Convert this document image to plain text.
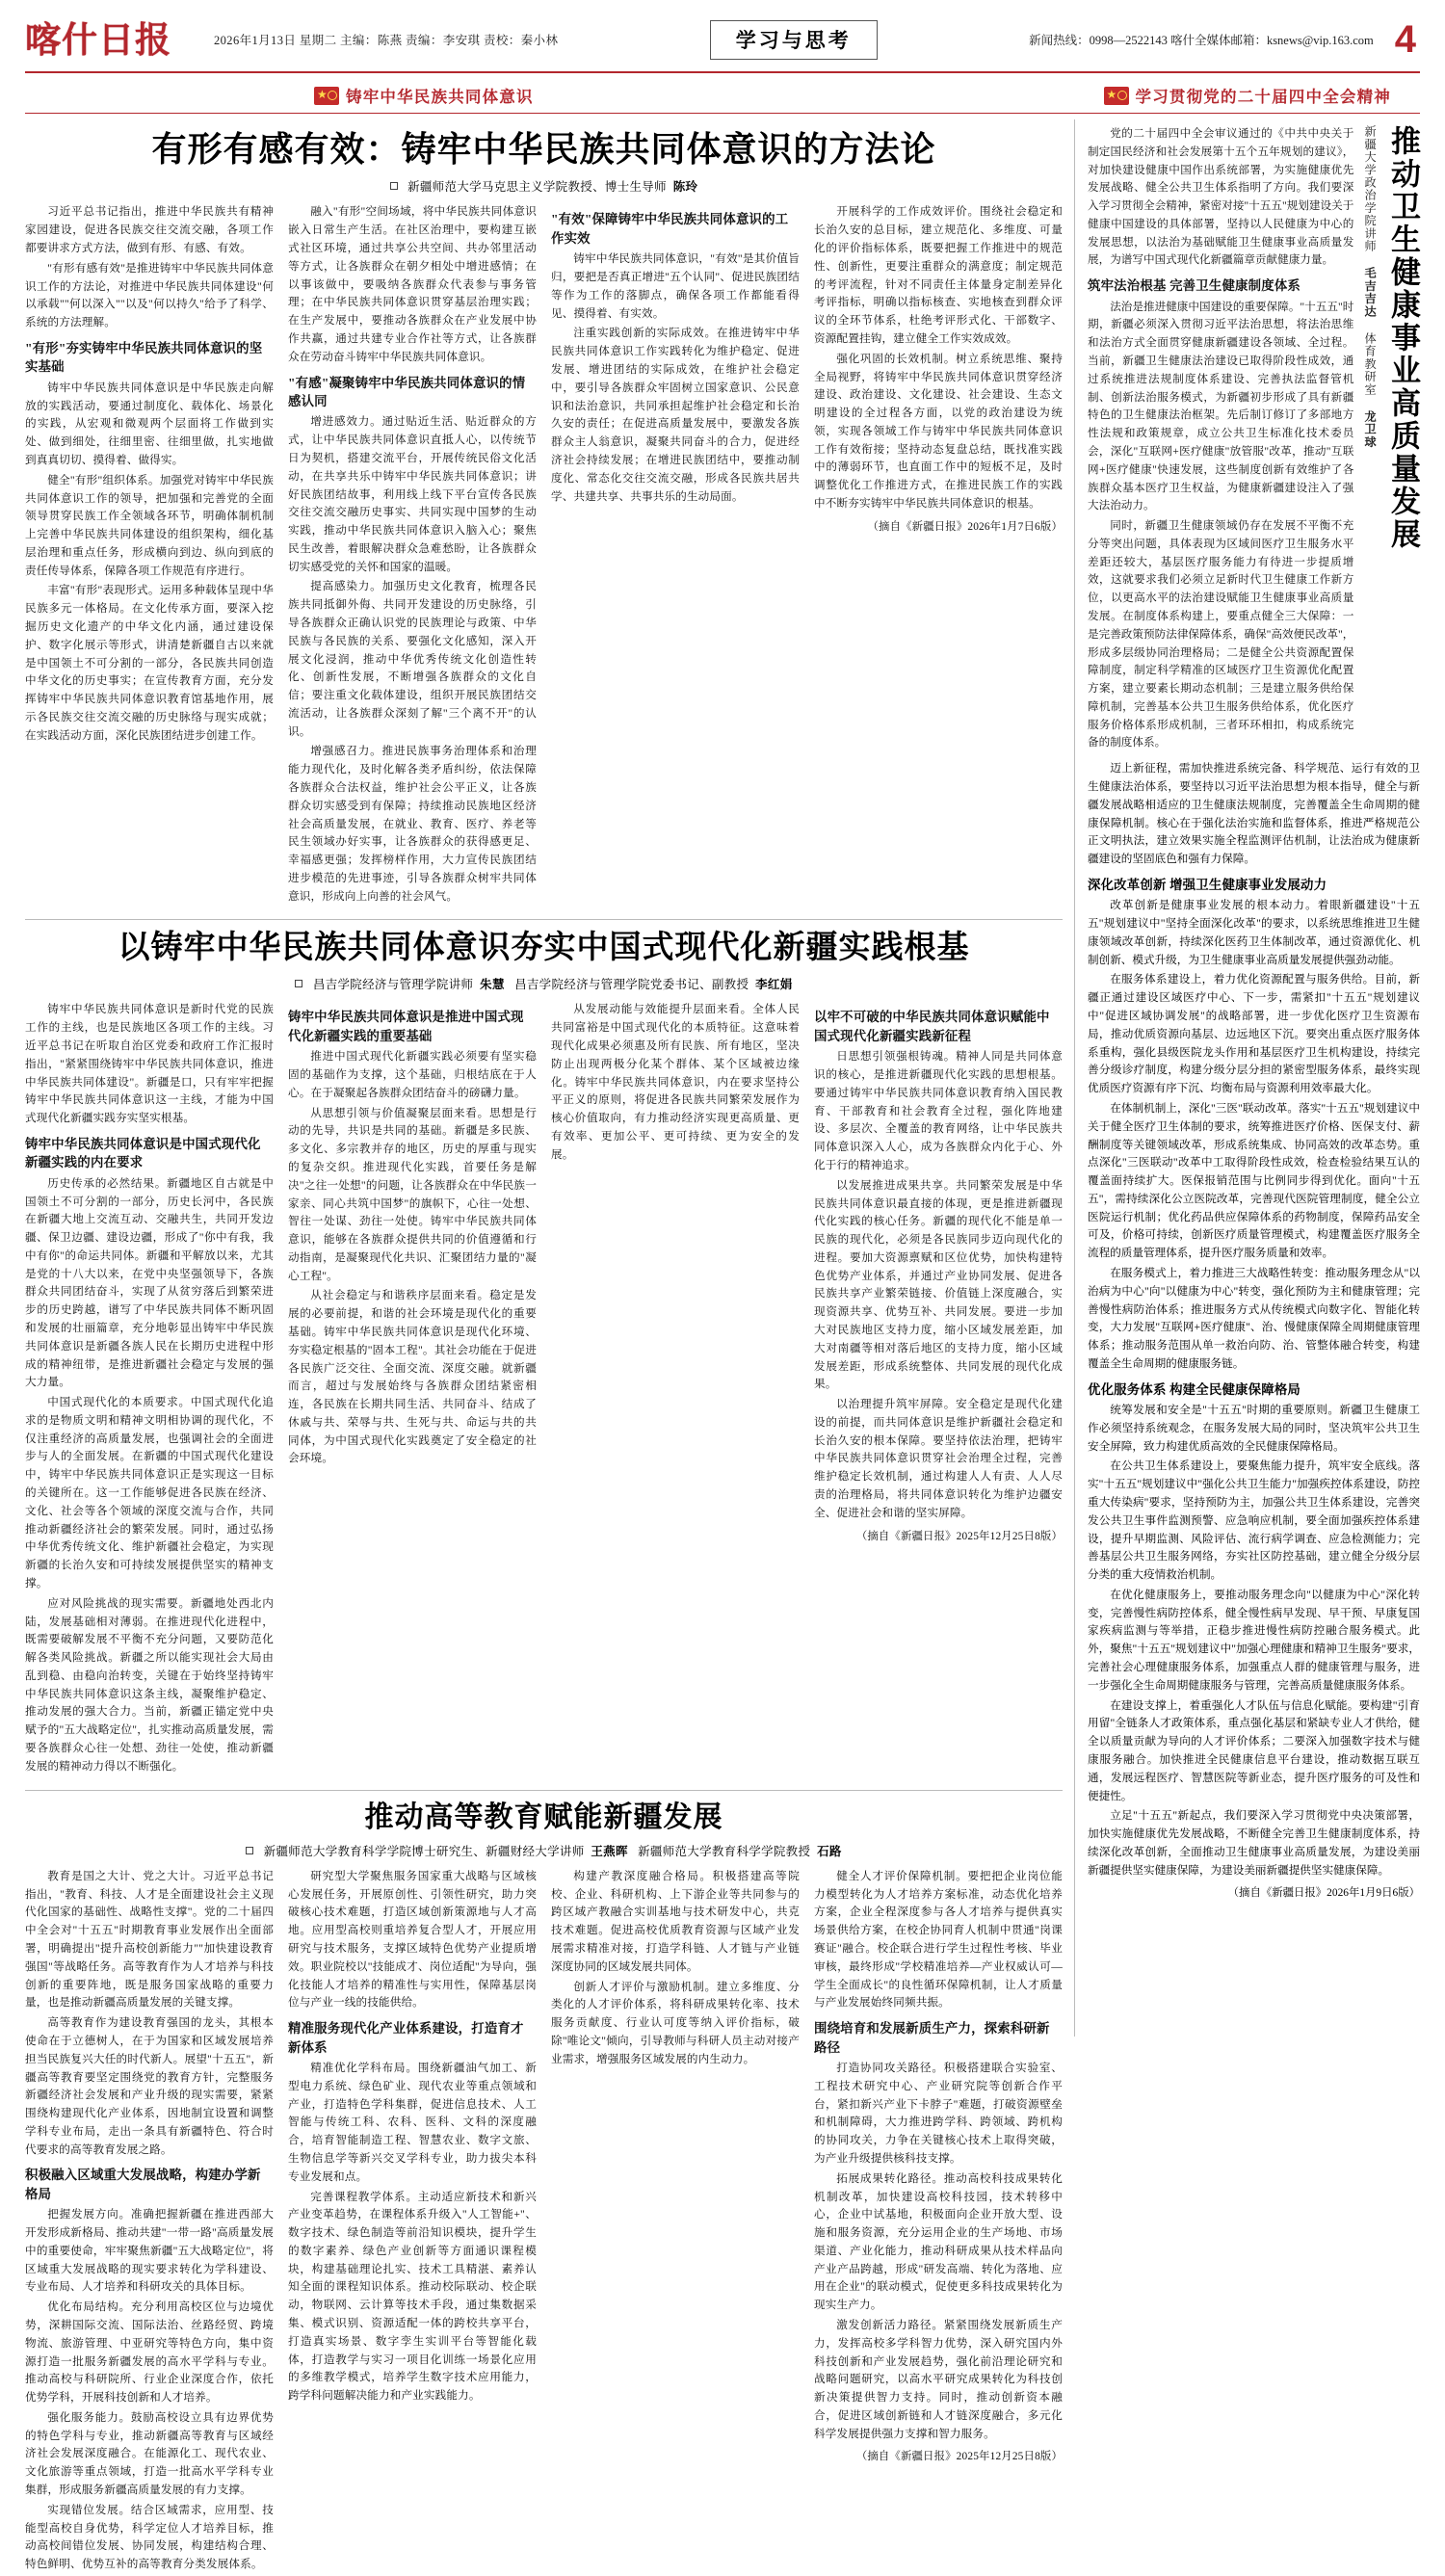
喀什日报	2026年1月13日 星期二 主编：陈燕 责编：李安琪 责校：秦小林	学习与思考	新闻热线：0998—2522143 喀什全媒体邮箱：ksnews@vip.163.com 4
★
铸牢中华民族共同体意识 ★	学习贯彻党的二十届四中全会精神
有形有感有效：铸牢中华民族共同体意识的方法论
新疆师范大学马克思主义学院教授、博士生导师 陈玲

习近平总书记指出，推进中华民族共有精神家园建设，促进各民族交往交流交融，各项工作都要讲求方式方法，做到有形、有感、有效。

"有形有感有效"是推进铸牢中华民族共同体意识工作的方法论，对推进中华民族共同体建设"何以承载""何以深入""以及"何以持久"给予了科学、系统的方法理解。

"有形"夯实铸牢中华民族共同体意识的坚实基础

铸牢中华民族共同体意识是中华民族走向解放的实践活动，要通过制度化、载体化、场景化的实践，从宏观和微观两个层面将工作做到实处、做到细处，往细里密、往细里做，扎实地做到真真切切、摸得着、做得实。

健全"有形"组织体系。加强党对铸牢中华民族共同体意识工作的领导，把加强和完善党的全面领导贯穿民族工作全领域各环节，明确体制机制上完善中华民族共同体建设的组织架构，细化基层治理和重点任务，形成横向到边、纵向到底的责任传导体系，保障各项工作规范有序进行。

丰富"有形"表现形式。运用多种载体呈现中华民族多元一体格局。在文化传承方面，要深入挖掘历史文化遗产的中华文化内涵，通过建设保护、数字化展示等形式，讲清楚新疆自古以来就是中国领土不可分割的一部分，各民族共同创造中华文化的历史事实；在宣传教育方面，充分发挥铸牢中华民族共同体意识教育馆基地作用，展示各民族交往交流交融的历史脉络与现实成就；在实践活动方面，深化民族团结进步创建工作。

融入"有形"空间场域，将中华民族共同体意识嵌入日常生产生活。在社区治理中，要构建互嵌式社区环境，通过共享公共空间、共办邻里活动等方式，让各族群众在朝夕相处中增进感情；在以事该做中，要吸纳各族群众代表参与事务管理；在中华民族共同体意识贯穿基层治理实践；在生产发展中，要推动各族群众在产业发展中协作共赢，通过共建专业合作社等方式，让各族群众在劳动奋斗铸牢中华民族共同体意识。

"有感"凝聚铸牢中华民族共同体意识的情感认同

增进感效力。通过贴近生活、贴近群众的方式，让中华民族共同体意识直抵人心，以传统节日为契机，搭建交流平台，开展传统民俗文化活动，在共享共乐中铸牢中华民族共同体意识；讲好民族团结故事，利用线上线下平台宣传各民族交往交流交融历史事实、共同实现中国梦的生动实践，推动中华民族共同体意识入脑入心；聚焦民生改善，着眼解决群众急难愁盼，让各族群众切实感受党的关怀和国家的温暖。

提高感染力。加强历史文化教育，梳理各民族共同抵御外侮、共同开发建设的历史脉络，引导各族群众正确认识党的民族理论与政策、中华民族与各民族的关系、要强化文化感知，深入开展文化浸润，推动中华优秀传统文化创造性转化、创新性发展，不断增强各族群众的文化自信；要注重文化载体建设，组织开展民族团结交流活动，让各族群众深刻了解"三个离不开"的认识。

增强感召力。推进民族事务治理体系和治理能力现代化，及时化解各类矛盾纠纷，依法保障各族群众合法权益，维护社会公平正义，让各族群众切实感受到有保障；持续推动民族地区经济社会高质量发展，在就业、教育、医疗、养老等民生领域办好实事，让各族群众的获得感更足、幸福感更强；发挥榜样作用，大力宣传民族团结进步模范的先进事迹，引导各族群众树牢共同体意识，形成向上向善的社会风气。

"有效"保障铸牢中华民族共同体意识的工作实效

铸牢中华民族共同体意识，"有效"是其价值旨归，要把是否真正增进"五个认同"、促进民族团结等作为工作的落脚点，确保各项工作都能看得见、摸得着、有实效。

注重实践创新的实际成效。在推进铸牢中华民族共同体意识工作实践转化为维护稳定、促进发展、增进团结的实际成效，在维护社会稳定中，要引导各族群众牢固树立国家意识、公民意识和法治意识，共同承担起维护社会稳定和长治久安的责任；在促进高质量发展中，要激发各族群众主人翁意识，凝聚共同奋斗的合力，促进经济社会持续发展；在增进民族团结中，要推动制度化、常态化交往交流交融，形成各民族共居共学、共建共享、共事共乐的生动局面。

开展科学的工作成效评价。围绕社会稳定和长治久安的总目标，建立规范化、多维度、可量化的评价指标体系，既要把握工作推进中的规范性、创新性，更要注重群众的满意度；制定规范的考评流程，针对不同责任主体量身定制差异化考评指标，明确以指标核查、实地核查到群众评议的全环节体系，杜绝考评形式化、干部数字、资源配置挂钩，建立健全工作实效成效。

强化巩固的长效机制。树立系统思维、聚持全局视野，将铸牢中华民族共同体意识贯穿经济建设、政治建设、文化建设、社会建设、生态文明建设的全过程各方面，以党的政治建设为统领，实现各领域工作与铸牢中华民族共同体意识工作有效衔接；坚持动态复盘总结，既找准实践中的薄弱环节，也直面工作中的短板不足，及时调整优化工作推进方式，在推进民族工作的实践中不断夯实铸牢中华民族共同体意识的根基。

（摘自《新疆日报》2026年1月7日6版）
以铸牢中华民族共同体意识夯实中国式现代化新疆实践根基
昌吉学院经济与管理学院讲师 朱慧 昌吉学院经济与管理学院党委书记、副教授 李红娟

铸牢中华民族共同体意识是新时代党的民族工作的主线，也是民族地区各项工作的主线。习近平总书记在听取自治区党委和政府工作汇报时指出，"紧紧围绕铸牢中华民族共同体意识，推进中华民族共同体建设"。新疆是口，只有牢牢把握铸牢中华民族共同体意识这一主线，才能为中国式现代化新疆实践夯实坚实根基。

铸牢中华民族共同体意识是中国式现代化新疆实践的内在要求

历史传承的必然结果。新疆地区自古就是中国领土不可分割的一部分，历史长河中，各民族在新疆大地上交流互动、交融共生，共同开发边疆、保卫边疆、建设边疆，形成了"你中有我，我中有你"的命运共同体。新疆和平解放以来，尤其是党的十八大以来，在党中央坚强领导下，各族群众共同团结奋斗，实现了从贫穷落后到繁荣进步的历史跨越，谱写了中华民族共同体不断巩固和发展的壮丽篇章，充分地彰显出铸牢中华民族共同体意识是新疆各族人民在长期历史进程中形成的精神纽带，是推进新疆社会稳定与发展的强大力量。

中国式现代化的本质要求。中国式现代化追求的是物质文明和精神文明相协调的现代化，不仅注重经济的高质量发展，也强调社会的全面进步与人的全面发展。在新疆的中国式现代化建设中，铸牢中华民族共同体意识正是实现这一目标的关键所在。这一工作能够促进各民族在经济、文化、社会等各个领域的深度交流与合作，共同推动新疆经济社会的繁荣发展。同时，通过弘扬中华优秀传统文化、维护新疆社会稳定，为实现新疆的长治久安和可持续发展提供坚实的精神支撑。

应对风险挑战的现实需要。新疆地处西北内陆，发展基础相对薄弱。在推进现代化进程中，既需要破解发展不平衡不充分问题，又要防范化解各类风险挑战。新疆之所以能实现社会大局由乱到稳、由稳向治转变，关键在于始终坚持铸牢中华民族共同体意识这条主线，凝聚维护稳定、推动发展的强大合力。当前，新疆正锚定党中央赋予的"五大战略定位"，扎实推动高质量发展，需要各族群众心往一处想、劲往一处使，推动新疆发展的精神动力得以不断强化。

铸牢中华民族共同体意识是推进中国式现代化新疆实践的重要基础

推进中国式现代化新疆实践必须要有坚实稳固的基础作为支撑，这个基础，归根结底在于人心。在于凝聚起各族群众团结奋斗的磅礴力量。

从思想引领与价值凝聚层面来看。思想是行动的先导，共识是共同的基础。新疆是多民族、多文化、多宗教并存的地区，历史的厚重与现实的复杂交织。推进现代化实践，首要任务是解决"之往一处想"的问题，让各族群众在中华民族一家亲、同心共筑中国梦"的旗帜下，心往一处想、智往一处谋、劲往一处使。铸牢中华民族共同体意识，能够在各族群众提供共同的价值遵循和行动指南，是凝聚现代化共识、汇聚团结力量的"凝心工程"。

从社会稳定与和谐秩序层面来看。稳定是发展的必要前提，和谐的社会环境是现代化的重要基础。铸牢中华民族共同体意识是现代化环境、夯实稳定根基的"固本工程"。其社会功能在于促进各民族广泛交往、全面交流、深度交融。就新疆而言，超过与发展始终与各族群众团结紧密相连，各民族在长期共同生活、共同奋斗、结成了休戚与共、荣辱与共、生死与共、命运与共的共同体，为中国式现代化实践奠定了安全稳定的社会环境。

从发展动能与效能提升层面来看。全体人民共同富裕是中国式现代化的本质特征。这意味着现代化成果必须惠及所有民族、所有地区，坚决防止出现两极分化某个群体、某个区域被边缘化。铸牢中华民族共同体意识，内在要求坚持公平正义的原则，将促进各民族共同繁荣发展作为核心价值取向，有力推动经济实现更高质量、更有效率、更加公平、更可持续、更为安全的发展。

以牢不可破的中华民族共同体意识赋能中国式现代化新疆实践新征程

日思想引领强根铸魂。精神人同是共同体意识的核心，是推进新疆现代化实践的思想根基。要通过铸牢中华民族共同体意识教育纳入国民教育、干部教育和社会教育全过程，强化阵地建设、多层次、全覆盖的教育网络，让中华民族共同体意识深入人心，成为各族群众内化于心、外化于行的精神追求。

以发展推进成果共享。共同繁荣发展是中华民族共同体意识最直接的体现，更是推进新疆现代化实践的核心任务。新疆的现代化不能是单一民族的现代化，必须是各民族同步迈向现代化的进程。要加大资源禀赋和区位优势，加快构建特色优势产业体系，并通过产业协同发展、促进各民族共享产业繁荣链接、价值链上深度融合，实现资源共享、优势互补、共同发展。要进一步加大对民族地区支持力度，缩小区域发展差距，加大对南疆等相对落后地区的支持力度，缩小区域发展差距，形成系统整体、共同发展的现代化成果。

以治理提升筑牢屏障。安全稳定是现代化建设的前提，而共同体意识是维护新疆社会稳定和长治久安的根本保障。要坚持依法治理，把铸牢中华民族共同体意识贯穿社会治理全过程，完善维护稳定长效机制，通过构建人人有责、人人尽责的治理格局，将共同体意识转化为维护边疆安全、促进社会和谐的坚实屏障。

（摘自《新疆日报》2025年12月25日8版）
推动高等教育赋能新疆发展
新疆师范大学教育科学学院博士研究生、新疆财经大学讲师 王燕晖 新疆师范大学教育科学学院教授 石路

教育是国之大计、党之大计。习近平总书记指出，"教育、科技、人才是全面建设社会主义现代化国家的基础性、战略性支撑"。党的二十届四中全会对"十五五"时期教育事业发展作出全面部署，明确提出"提升高校创新能力""加快建设教育强国"等战略任务。高等教育作为人才培养与科技创新的重要阵地，既是服务国家战略的重要力量，也是推动新疆高质量发展的关键支撑。

高等教育作为建设教育强国的龙头，其根本使命在于立德树人，在于为国家和区域发展培养担当民族复兴大任的时代新人。展望"十五五"，新疆高等教育要坚定围绕党的教育方针，完整服务新疆经济社会发展和产业升级的现实需要，紧紧围绕构建现代化产业体系，因地制宜设置和调整学科专业布局，走出一条具有新疆特色、符合时代要求的高等教育发展之路。

积极融入区域重大发展战略，构建办学新格局

把握发展方向。准确把握新疆在推进西部大开发形成新格局、推动共建"一带一路"高质量发展中的重要使命，牢牢聚焦新疆"五大战略定位"，将区域重大发展战略的现实要求转化为学科建设、专业布局、人才培养和科研攻关的具体目标。

优化布局结构。充分利用高校区位与边境优势，深耕国际交流、国际法治、丝路经贸、跨境物流、旅游管理、中亚研究等特色方向，集中资源打造一批服务新疆发展的高水平学科与专业。推动高校与科研院所、行业企业深度合作，依托优势学科，开展科技创新和人才培养。

强化服务能力。鼓励高校设立具有边界优势的特色学科与专业，推动新疆高等教育与区域经济社会发展深度融合。在能源化工、现代农业、文化旅游等重点领域，打造一批高水平学科专业集群，形成服务新疆高质量发展的有力支撑。

实现错位发展。结合区域需求，应用型、技能型高校自身优势，科学定位人才培养目标，推动高校间错位发展、协同发展，构建结构合理、特色鲜明、优势互补的高等教育分类发展体系。

研究型大学聚焦服务国家重大战略与区域核心发展任务，开展原创性、引领性研究，助力突破核心技术难题，打造区域创新策源地与人才高地。应用型高校则重培养复合型人才，开展应用研究与技术服务，支撑区域特色优势产业提质增效。职业院校以"技能成才、岗位适配"为导向，强化技能人才培养的精准性与实用性，保障基层岗位与产业一线的技能供给。

精准服务现代化产业体系建设，打造育才新体系

精准优化学科布局。围绕新疆油气加工、新型电力系统、绿色矿业、现代农业等重点领域和产业，打造特色学科集群，促进信息技术、人工智能与传统工科、农科、医科、文科的深度融合，培育智能制造工程、智慧农业、数字文旅、生物信息学等新兴交叉学科专业，助力拔尖本科专业发展和点。

完善课程教学体系。主动适应新技术和新兴产业变革趋势，在课程体系升级入"人工智能+"、数字技术、绿色制造等前沿知识模块，提升学生的数字素养、绿色产业创新等方面通识课程模块，构建基础理论扎实、技术工具精湛、素养认知全面的课程知识体系。推动校际联动、校企联动，物联网、云计算等技术手段，通过集数据采集、模式识别、资源适配一体的跨校共享平台，打造真实场景、数字孪生实训平台等智能化载体，打造教学与实习一项目化训练一场景化应用的多维教学模式，培养学生数字技术应用能力，跨学科问题解决能力和产业实践能力。

构建产教深度融合格局。积极搭建高等院校、企业、科研机构、上下游企业等共同参与的跨区域产教融合实训基地与技术研发中心，共克技术难题。促进高校优质教育资源与区域产业发展需求精准对接，打造学科链、人才链与产业链深度协同的区域发展共同体。

创新人才评价与激励机制。建立多维度、分类化的人才评价体系，将科研成果转化率、技术服务贡献度、行业认可度等纳入评价指标，破除"唯论文"倾向，引导教师与科研人员主动对接产业需求，增强服务区域发展的内生动力。

健全人才评价保障机制。要把把企业岗位能力模型转化为人才培养方案标准，动态优化培养方案，企业全程深度参与各人才培养与提供真实场景供给方案，在校企协同育人机制中贯通"岗课赛证"融合。校企联合进行学生过程性考核、毕业审核，最终形成"学校精准培养—产业权威认可—学生全面成长"的良性循环保障机制，让人才质量与产业发展始终同频共振。

围绕培育和发展新质生产力，探索科研新路径

打造协同攻关路径。积极搭建联合实验室、工程技术研究中心、产业研究院等创新合作平台，紧扣新兴产业下卡脖子"难题，打破资源壁垒和机制障碍，大力推进跨学科、跨领域、跨机构的协同攻关，力争在关键核心技术上取得突破，为产业升级提供核科技支撑。

拓展成果转化路径。推动高校科技成果转化机制改革，加快建设高校科技园，技术转移中心，企业中试基地，积极面向企业开放大型、设施和服务资源，充分运用企业的生产场地、市场渠道、产业化能力，推动科研成果从技术样品向产业产品跨越，形成"研发高端、转化为落地、应用在企业"的联动模式，促使更多科技成果转化为现实生产力。

激发创新活力路径。紧紧围绕发展新质生产力，发挥高校多学科智力优势，深入研究国内外科技创新和产业发展趋势，强化前沿理论研究和战略问题研究，以高水平研究成果转化为科技创新决策提供智力支持。同时，推动创新资本融合，促进区域创新链和人才链深度融合，多元化科学发展提供强力支撑和智力服务。

（摘自《新疆日报》2025年12月25日8版）
推动卫生健康事业高质量发展
新疆大学政治学院讲师 毛吉吉达 体育教研室 龙卫球

党的二十届四中全会审议通过的《中共中央关于制定国民经济和社会发展第十五个五年规划的建议》，对加快建设健康中国作出系统部署，为实施健康优先发展战略、健全公共卫生体系指明了方向。我们要深入学习贯彻全会精神，紧密对接"十五五"规划建设关于健康中国建设的具体部署，坚持以人民健康为中心的发展思想，以法治为基础赋能卫生健康事业高质量发展，为谱写中国式现代化新疆篇章贡献健康力量。

筑牢法治根基 完善卫生健康制度体系

法治是推进健康中国建设的重要保障。"十五五"时期，新疆必须深入贯彻习近平法治思想，将法治思维和法治方式全面贯穿健康新疆建设各领域、全过程。当前，新疆卫生健康法治建设已取得阶段性成效，通过系统推进法规制度体系建设、完善执法监督管机制、创新法治服务模式，为新疆初步形成了具有新疆特色的卫生健康法治框架。先后制订修订了多部地方性法规和政策规章，成立公共卫生标准化技术委员会，深化"互联网+医疗健康"放管服"改革，推动"互联网+医疗健康"快速发展，这些制度创新有效维护了各族群众基本医疗卫生权益，为健康新疆建设注入了强大法治动力。

同时，新疆卫生健康领域仍存在发展不平衡不充分等突出问题，具体表现为区域间医疗卫生服务水平差距还较大，基层医疗服务能力有待进一步提质增效，这就要求我们必须立足新时代卫生健康工作新方位，以更高水平的法治建设赋能卫生健康事业高质量发展。在制度体系构建上，要重点健全三大保障：一是完善政策预防法律保障体系，确保"高效便民改革"，形成多层级协同治理格局；二是健全公共资源配置保障制度，制定科学精准的区域医疗卫生资源优化配置方案，建立要素长期动态机制；三是建立服务供给保障机制，完善基本公共卫生服务供给体系，优化医疗服务价格体系形成机制，三者环环相扣，构成系统完备的制度体系。

迈上新征程，需加快推进系统完备、科学规范、运行有效的卫生健康法治体系，要坚持以习近平法治思想为根本指导，健全与新疆发展战略相适应的卫生健康法规制度，完善覆盖全生命周期的健康保障机制。核心在于强化法治实施和监督体系，推进严格规范公正文明执法，建立效果实施全程监测评估机制，让法治成为健康新疆建设的坚固底色和强有力保障。

深化改革创新 增强卫生健康事业发展动力

改革创新是健康事业发展的根本动力。着眼新疆建设"十五五"规划建议中"坚持全面深化改革"的要求，以系统思维推进卫生健康领域改革创新，持续深化医药卫生体制改革，通过资源优化、机制创新、模式升级，为卫生健康事业高质量发展提供强劲动能。

在服务体系建设上，着力优化资源配置与服务供给。目前，新疆正通过建设区域医疗中心、下一步，需紧扣"十五五"规划建议中"促进区域协调发展"的战略部署，进一步优化医疗卫生资源布局，推动优质资源向基层、边远地区下沉。要突出重点医疗服务体系重构，强化县级医院龙头作用和基层医疗卫生机构建设，持续完善分级诊疗制度，构建分级分层分担的紧密型服务体系，最终实现优质医疗资源有序下沉、均衡布局与资源利用效率最大化。

在体制机制上，深化"三医"联动改革。落实"十五五"规划建议中关于健全医疗卫生体制的要求，统筹推进医疗价格、医保支付、薪酬制度等关键领域改革，形成系统集成、协同高效的改革态势。重点深化"三医联动"改革中工取得阶段性成效，检查检验结果互认的覆盖面持续扩大。医保报销范围与比例同步得到优化。面向"十五五"，需持续深化公立医院改革，完善现代医院管理制度，健全公立医院运行机制；优化药品供应保障体系的药物制度，保障药品安全可及，价格可持续，创新医疗质量管理模式，构建覆盖医疗服务全流程的质量管理体系，提升医疗服务质量和效率。

在服务模式上，着力推进三大战略性转变：推动服务理念从"以治病为中心"向"以健康为中心"转变，强化预防为主和健康管理；完善慢性病防治体系；推进服务方式从传统模式向数字化、智能化转变，大力发展"互联网+医疗健康"、治、慢健康保障全周期健康管理体系；推动服务范围从单一救治向防、治、管整体融合转变，构建覆盖全生命周期的健康服务链。

优化服务体系 构建全民健康保障格局

统筹发展和安全是"十五五"时期的重要原则。新疆卫生健康工作必须坚持系统观念，在服务发展大局的同时，坚决筑牢公共卫生安全屏障，致力构建优质高效的全民健康保障格局。

在公共卫生体系建设上，要聚焦能力提升，筑牢安全底线。落实"十五五"规划建议中"强化公共卫生能力"加强疾控体系建设，防控重大传染病"要求，坚持预防为主，加强公共卫生体系建设，完善突发公共卫生事件监测预警、应急响应机制，要全面加强疾控体系建设，提升早期监测、风险评估、流行病学调查、应急检测能力；完善基层公共卫生服务网络，夯实社区防控基础，建立健全分级分层分类的重大疫情救治机制。

在优化健康服务上，要推动服务理念向"以健康为中心"深化转变，完善慢性病防控体系，健全慢性病早发现、早干预、早康复国家疾病监测与等举措，正稳步推进慢性病防控融合服务模式。此外，聚焦"十五五"规划建议中"加强心理健康和精神卫生服务"要求，完善社会心理健康服务体系，加强重点人群的健康管理与服务，进一步强化全生命周期健康服务与管理，完善高质量健康服务体系。

在建设支撑上，着重强化人才队伍与信息化赋能。要构建"引育用留"全链条人才政策体系，重点强化基层和紧缺专业人才供给，健全以质量贡献为导向的人才评价体系；二要深入加强数字技术与健康服务融合。加快推进全民健康信息平台建设，推动数据互联互通，发展远程医疗、智慧医院等新业态，提升医疗服务的可及性和便捷性。

立足"十五五"新起点，我们要深入学习贯彻党中央决策部署，加快实施健康优先发展战略，不断健全完善卫生健康制度体系，持续深化改革创新，全面推动卫生健康事业高质量发展，为建设美丽新疆提供坚实健康保障，为建设美丽新疆提供坚实健康保障。

（摘自《新疆日报》2026年1月9日6版）
